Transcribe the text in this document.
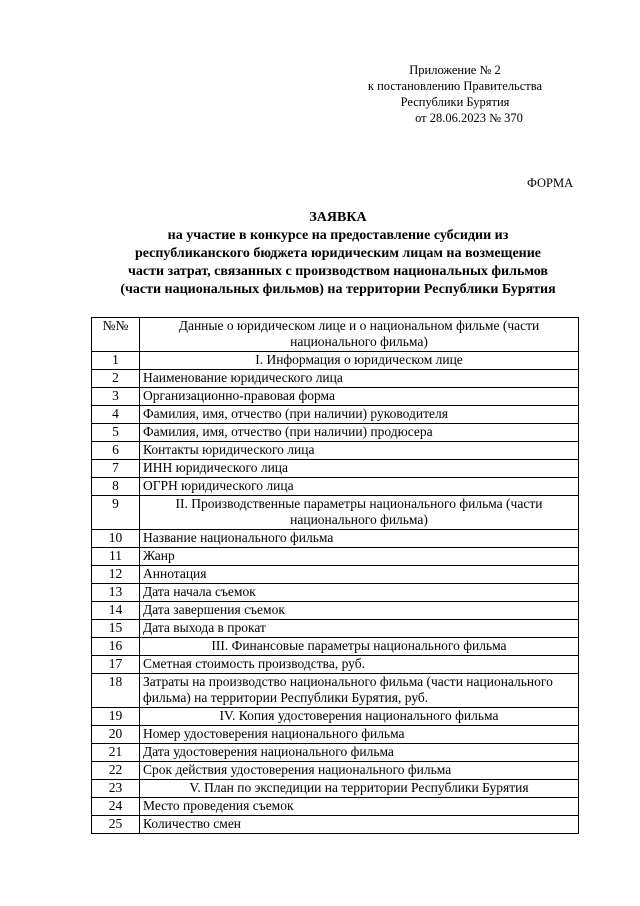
Приложение № 2
к постановлению Правительства
Республики Бурятия
от 28.06.2023 № 370
ФОРМА
ЗАЯВКА
на участие в конкурсе на предоставление субсидии из
республиканского бюджета юридическим лицам на возмещение
части затрат, связанных с производством национальных фильмов
(части национальных фильмов) на территории Республики Бурятия
№№	Данные о юридическом лице и о национальном фильме (части национального фильма)
1	I. Информация о юридическом лице
2	Наименование юридического лица
3	Организационно-правовая форма
4	Фамилия, имя, отчество (при наличии) руководителя
5	Фамилия, имя, отчество (при наличии) продюсера
6	Контакты юридического лица
7	ИНН юридического лица
8	ОГРН юридического лица
9	II. Производственные параметры национального фильма (части национального фильма)
10	Название национального фильма
11	Жанр
12	Аннотация
13	Дата начала съемок
14	Дата завершения съемок
15	Дата выхода в прокат
16	III. Финансовые параметры национального фильма
17	Сметная стоимость производства, руб.
18	Затраты на производство национального фильма (части национального фильма) на территории Республики Бурятия, руб.
19	IV. Копия удостоверения национального фильма
20	Номер удостоверения национального фильма
21	Дата удостоверения национального фильма
22	Срок действия удостоверения национального фильма
23	V. План по экспедиции на территории Республики Бурятия
24	Место проведения съемок
25	Количество смен
